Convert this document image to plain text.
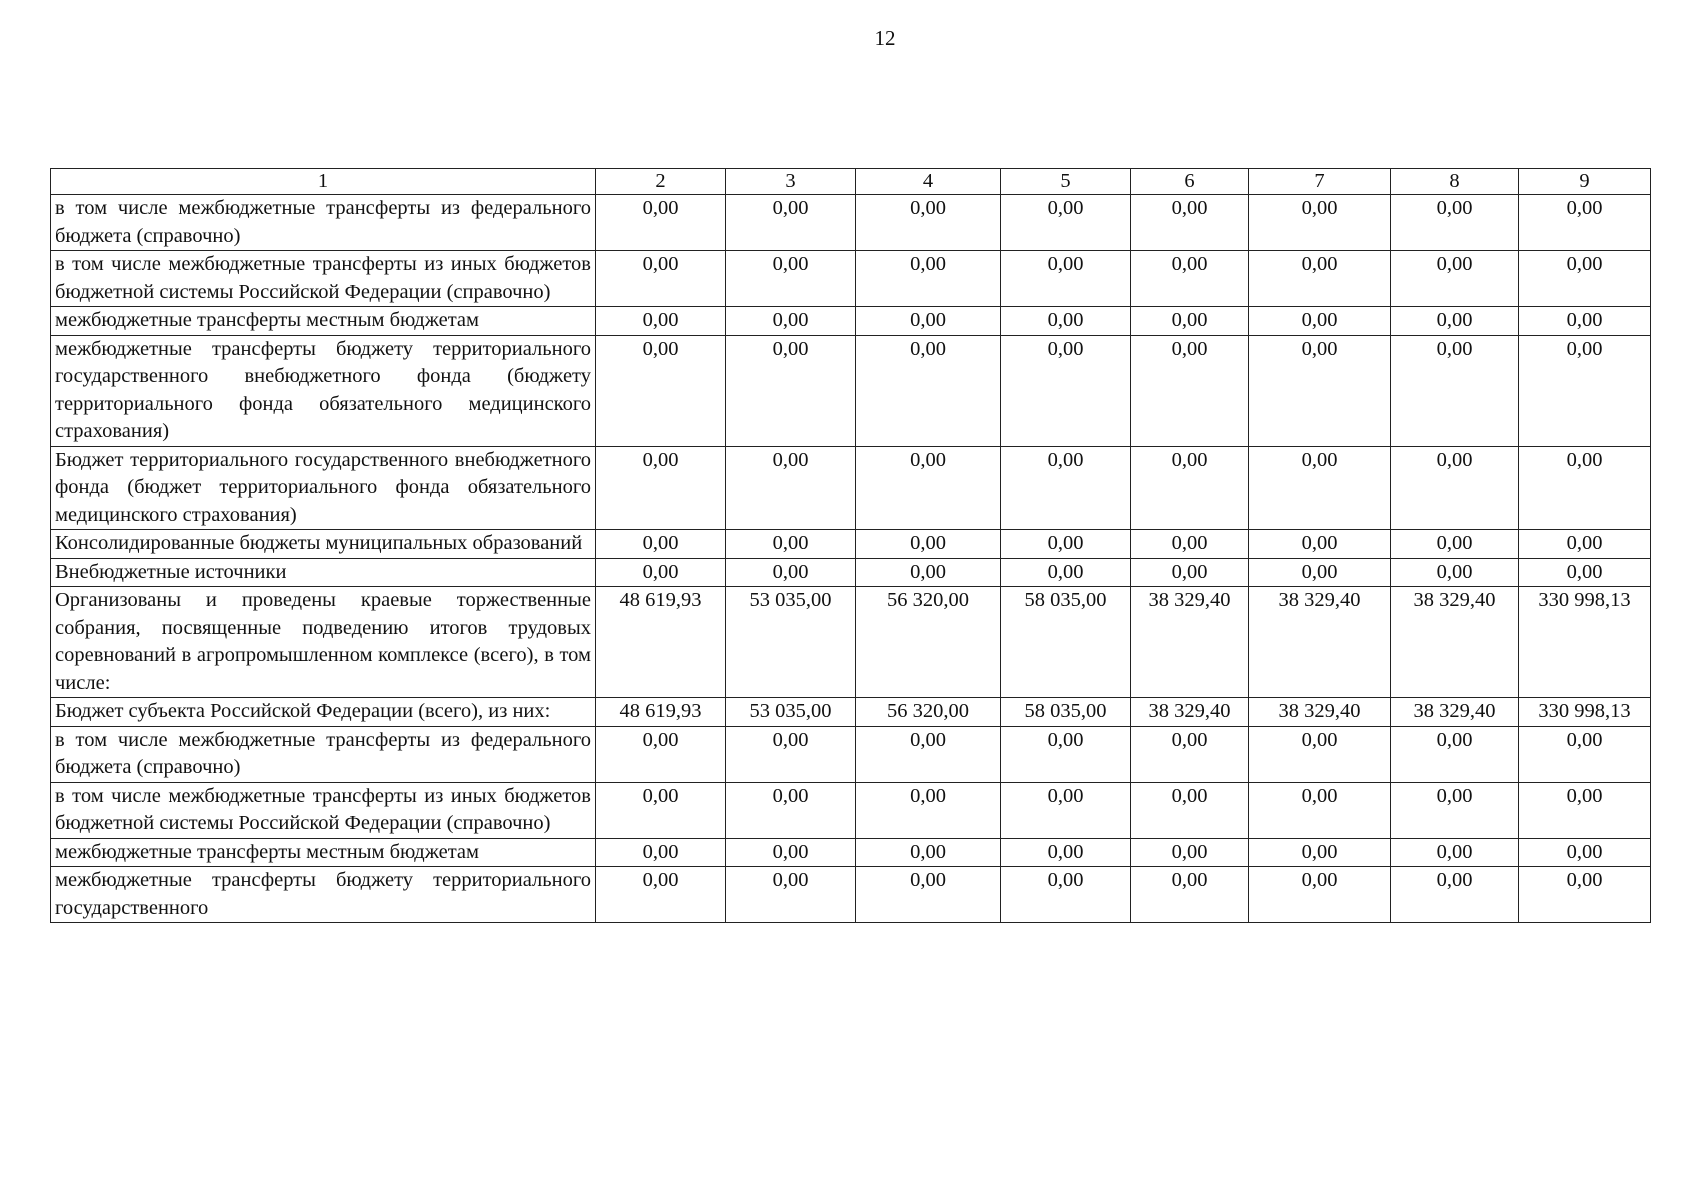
12
1	2	3	4	5	6	7	8	9
в том числе межбюджетные трансферты из федерального бюджета (справочно)	0,00	0,00	0,00	0,00	0,00	0,00	0,00	0,00
в том числе межбюджетные трансферты из иных бюджетов бюджетной системы Российской Федерации (справочно)	0,00	0,00	0,00	0,00	0,00	0,00	0,00	0,00
межбюджетные трансферты местным бюджетам	0,00	0,00	0,00	0,00	0,00	0,00	0,00	0,00
межбюджетные трансферты бюджету территориального государственного внебюджетного фонда (бюджету территориального фонда обязательного медицинского страхования)	0,00	0,00	0,00	0,00	0,00	0,00	0,00	0,00
Бюджет территориального государственного внебюджетного фонда (бюджет территориального фонда обязательного медицинского страхования)	0,00	0,00	0,00	0,00	0,00	0,00	0,00	0,00
Консолидированные бюджеты муниципальных образований	0,00	0,00	0,00	0,00	0,00	0,00	0,00	0,00
Внебюджетные источники	0,00	0,00	0,00	0,00	0,00	0,00	0,00	0,00
Организованы и проведены краевые торжественные собрания, посвященные подведению итогов трудовых соревнований в агропромышленном комплексе (всего), в том числе:	48 619,93	53 035,00	56 320,00	58 035,00	38 329,40	38 329,40	38 329,40	330 998,13
Бюджет субъекта Российской Федерации (всего), из них:	48 619,93	53 035,00	56 320,00	58 035,00	38 329,40	38 329,40	38 329,40	330 998,13
в том числе межбюджетные трансферты из федерального бюджета (справочно)	0,00	0,00	0,00	0,00	0,00	0,00	0,00	0,00
в том числе межбюджетные трансферты из иных бюджетов бюджетной системы Российской Федерации (справочно)	0,00	0,00	0,00	0,00	0,00	0,00	0,00	0,00
межбюджетные трансферты местным бюджетам	0,00	0,00	0,00	0,00	0,00	0,00	0,00	0,00
межбюджетные трансферты бюджету территориального государственного	0,00	0,00	0,00	0,00	0,00	0,00	0,00	0,00
